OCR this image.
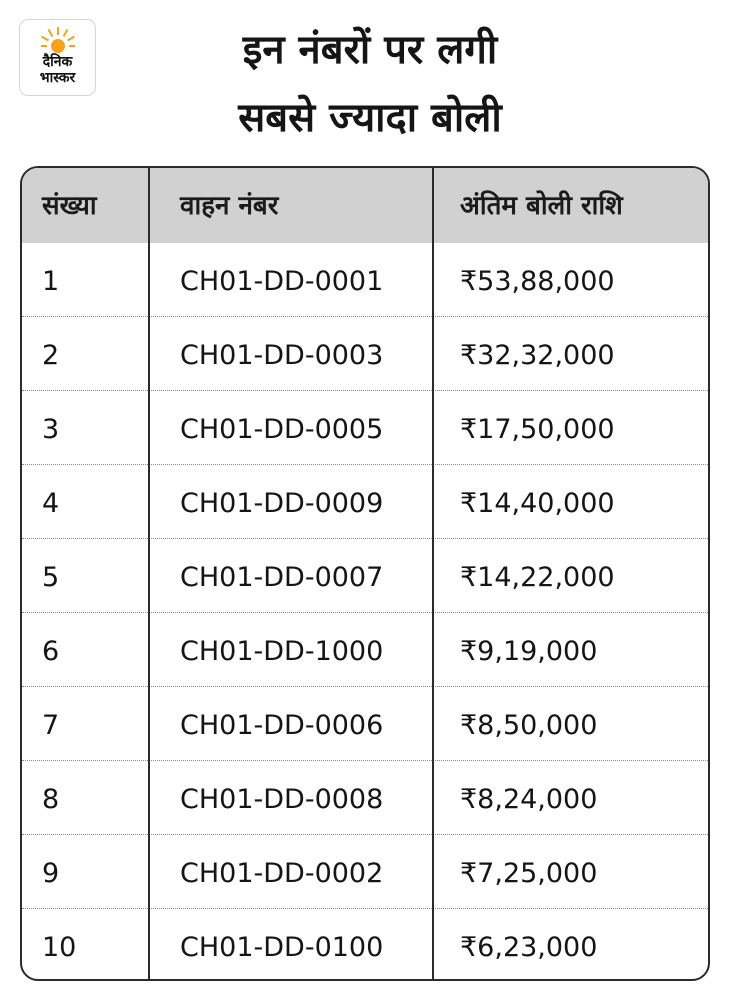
दैनिक
भास्कर
इन नंबरों पर लगी
सबसे ज्यादा बोली
संख्या	वाहन नंबर	अंतिम बोली राशि
1	CH01-DD-0001	₹53,88,000
2	CH01-DD-0003	₹32,32,000
3	CH01-DD-0005	₹17,50,000
4	CH01-DD-0009	₹14,40,000
5	CH01-DD-0007	₹14,22,000
6	CH01-DD-1000	₹9,19,000
7	CH01-DD-0006	₹8,50,000
8	CH01-DD-0008	₹8,24,000
9	CH01-DD-0002	₹7,25,000
10	CH01-DD-0100	₹6,23,000
